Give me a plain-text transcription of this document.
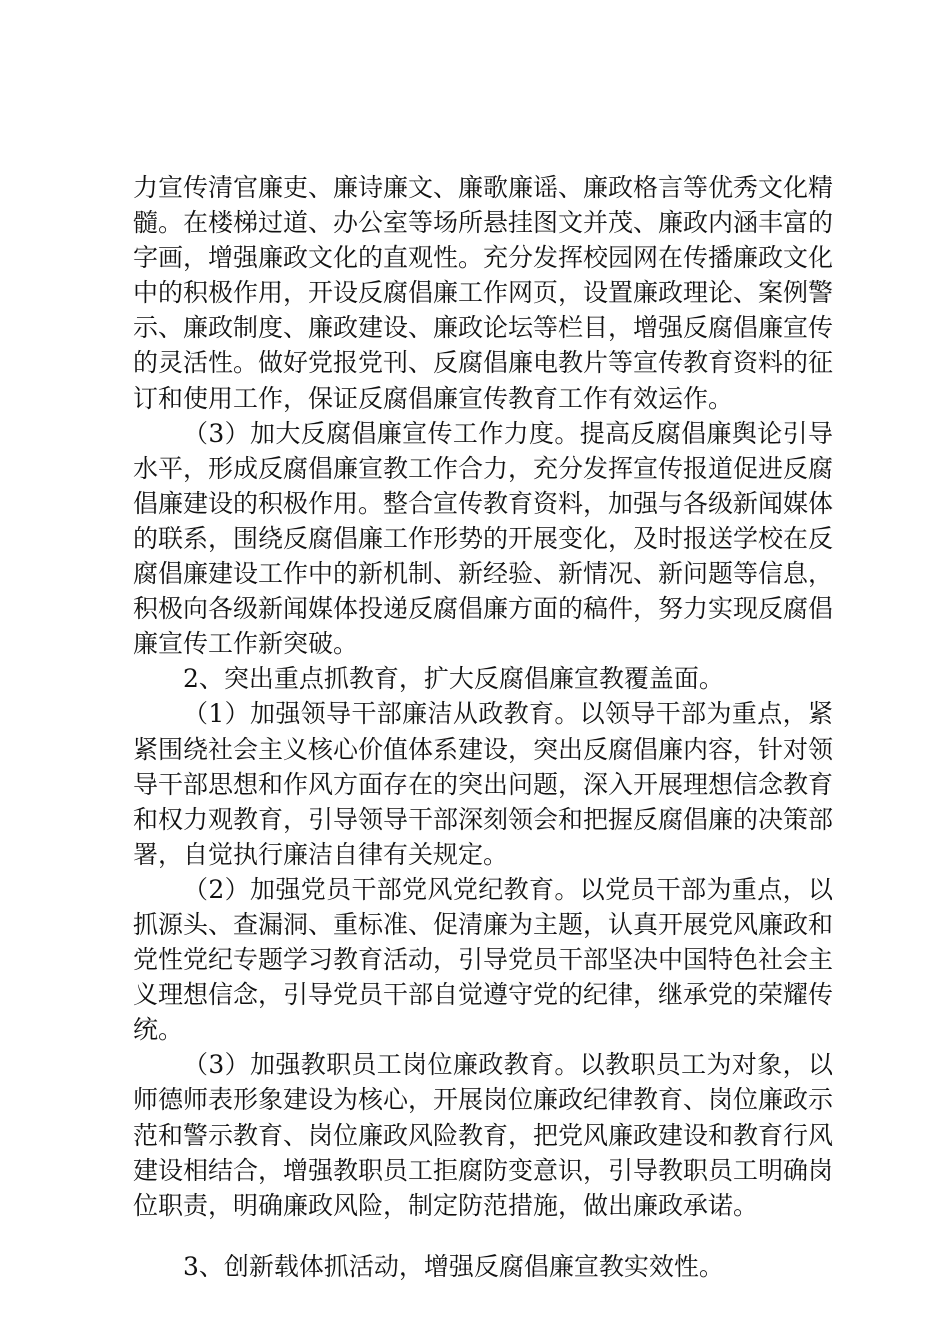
力宣传清官廉吏、廉诗廉文、廉歌廉谣、廉政格言等优秀文化精髓。在楼梯过道、办公室等场所悬挂图文并茂、廉政内涵丰富的字画，增强廉政文化的直观性。充分发挥校园网在传播廉政文化中的积极作用，开设反腐倡廉工作网页，设置廉政理论、案例警示、廉政制度、廉政建设、廉政论坛等栏目，增强反腐倡廉宣传的灵活性。做好党报党刊、反腐倡廉电教片等宣传教育资料的征订和使用工作，保证反腐倡廉宣传教育工作有效运作。

（3）加大反腐倡廉宣传工作力度。提高反腐倡廉舆论引导水平，形成反腐倡廉宣教工作合力，充分发挥宣传报道促进反腐倡廉建设的积极作用。整合宣传教育资料，加强与各级新闻媒体的联系，围绕反腐倡廉工作形势的开展变化，及时报送学校在反腐倡廉建设工作中的新机制、新经验、新情况、新问题等信息，积极向各级新闻媒体投递反腐倡廉方面的稿件，努力实现反腐倡廉宣传工作新突破。

2、突出重点抓教育，扩大反腐倡廉宣教覆盖面。

（1）加强领导干部廉洁从政教育。以领导干部为重点，紧紧围绕社会主义核心价值体系建设，突出反腐倡廉内容，针对领导干部思想和作风方面存在的突出问题，深入开展理想信念教育和权力观教育，引导领导干部深刻领会和把握反腐倡廉的决策部署，自觉执行廉洁自律有关规定。

（2）加强党员干部党风党纪教育。以党员干部为重点，以抓源头、查漏洞、重标准、促清廉为主题，认真开展党风廉政和党性党纪专题学习教育活动，引导党员干部坚决中国特色社会主义理想信念，引导党员干部自觉遵守党的纪律，继承党的荣耀传统。

（3）加强教职员工岗位廉政教育。以教职员工为对象，以师德师表形象建设为核心，开展岗位廉政纪律教育、岗位廉政示范和警示教育、岗位廉政风险教育，把党风廉政建设和教育行风建设相结合，增强教职员工拒腐防变意识，引导教职员工明确岗位职责，明确廉政风险，制定防范措施，做出廉政承诺。

3、创新载体抓活动，增强反腐倡廉宣教实效性。
